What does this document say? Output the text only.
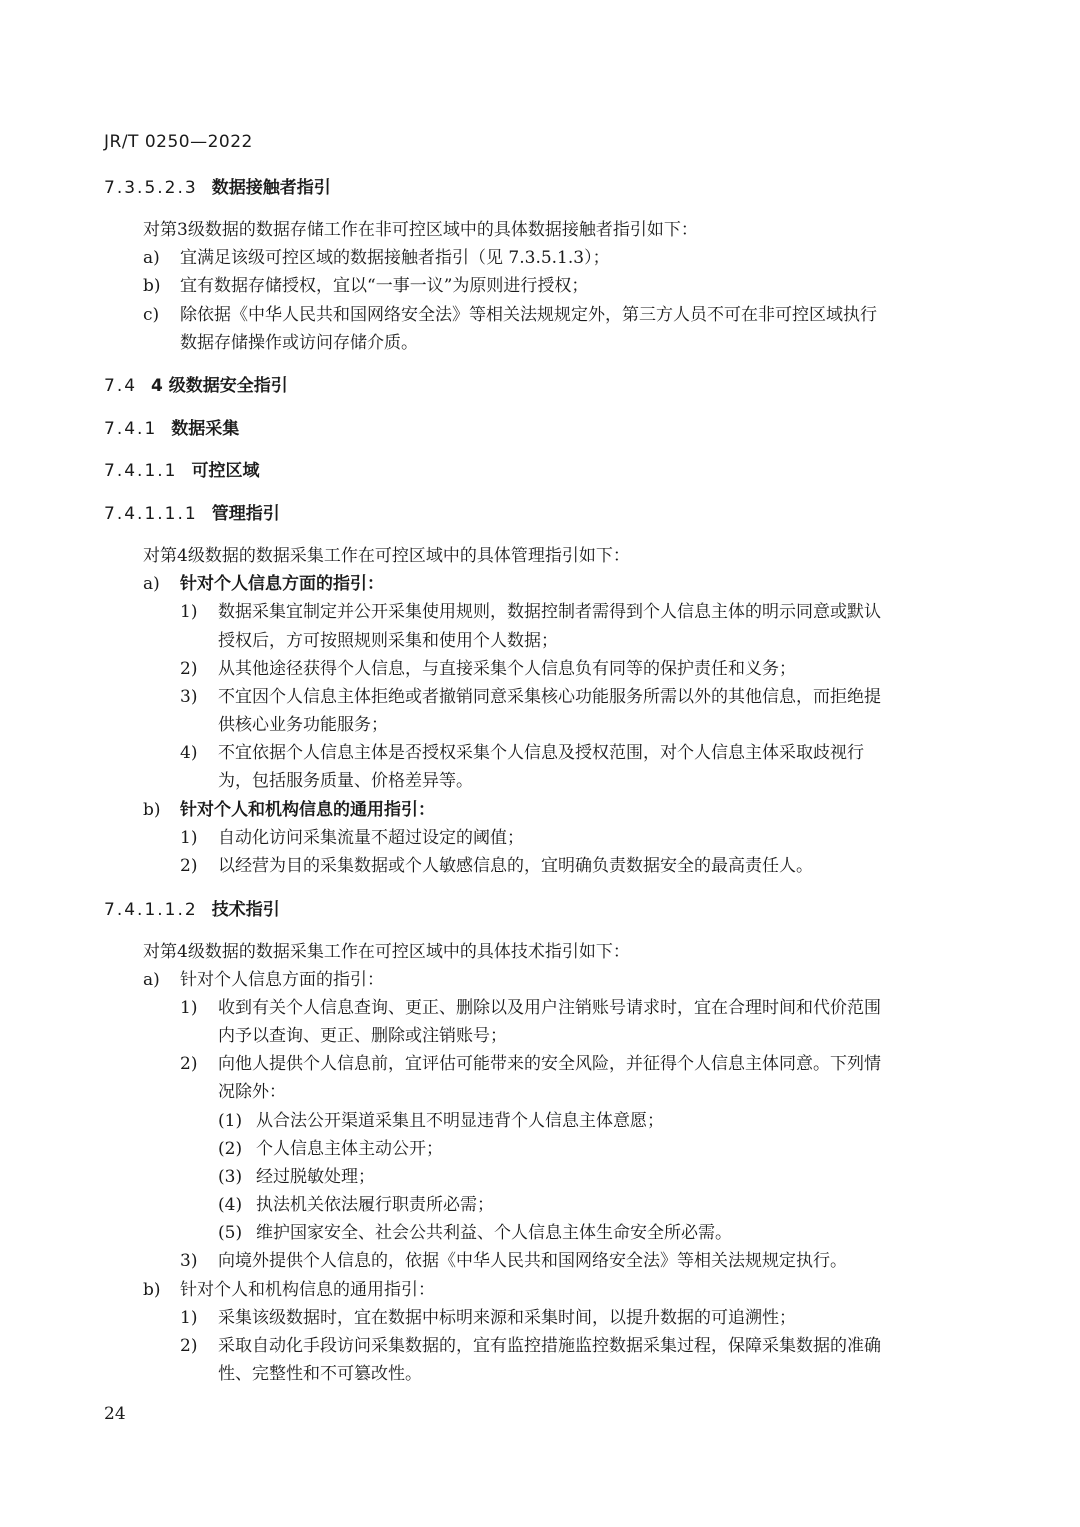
JR/T 0250—2022
7.3.5.2.3 数据接触者指引
对第3级数据的数据存储工作在非可控区域中的具体数据接触者指引如下：
a) 宜满足该级可控区域的数据接触者指引（见 7.3.5.1.3）；
b) 宜有数据存储授权，宜以“一事一议”为原则进行授权；
c) 除依据《中华人民共和国网络安全法》等相关法规规定外，第三方人员不可在非可控区域执行
数据存储操作或访问存储介质。
7.4 4 级数据安全指引
7.4.1 数据采集
7.4.1.1 可控区域
7.4.1.1.1 管理指引
对第4级数据的数据采集工作在可控区域中的具体管理指引如下：
a) 针对个人信息方面的指引：
1) 数据采集宜制定并公开采集使用规则，数据控制者需得到个人信息主体的明示同意或默认
授权后，方可按照规则采集和使用个人数据；
2) 从其他途径获得个人信息，与直接采集个人信息负有同等的保护责任和义务；
3) 不宜因个人信息主体拒绝或者撤销同意采集核心功能服务所需以外的其他信息，而拒绝提
供核心业务功能服务；
4) 不宜依据个人信息主体是否授权采集个人信息及授权范围，对个人信息主体采取歧视行
为，包括服务质量、价格差异等。
b) 针对个人和机构信息的通用指引：
1) 自动化访问采集流量不超过设定的阈值；
2) 以经营为目的采集数据或个人敏感信息的，宜明确负责数据安全的最高责任人。
7.4.1.1.2 技术指引
对第4级数据的数据采集工作在可控区域中的具体技术指引如下：
a) 针对个人信息方面的指引：
1) 收到有关个人信息查询、更正、删除以及用户注销账号请求时，宜在合理时间和代价范围
内予以查询、更正、删除或注销账号；
2) 向他人提供个人信息前，宜评估可能带来的安全风险，并征得个人信息主体同意。下列情
况除外：
(1) 从合法公开渠道采集且不明显违背个人信息主体意愿；
(2) 个人信息主体主动公开；
(3) 经过脱敏处理；
(4) 执法机关依法履行职责所必需；
(5) 维护国家安全、社会公共利益、个人信息主体生命安全所必需。
3) 向境外提供个人信息的，依据《中华人民共和国网络安全法》等相关法规规定执行。
b) 针对个人和机构信息的通用指引：
1) 采集该级数据时，宜在数据中标明来源和采集时间，以提升数据的可追溯性；
2) 采取自动化手段访问采集数据的，宜有监控措施监控数据采集过程，保障采集数据的准确
性、完整性和不可篡改性。
24
